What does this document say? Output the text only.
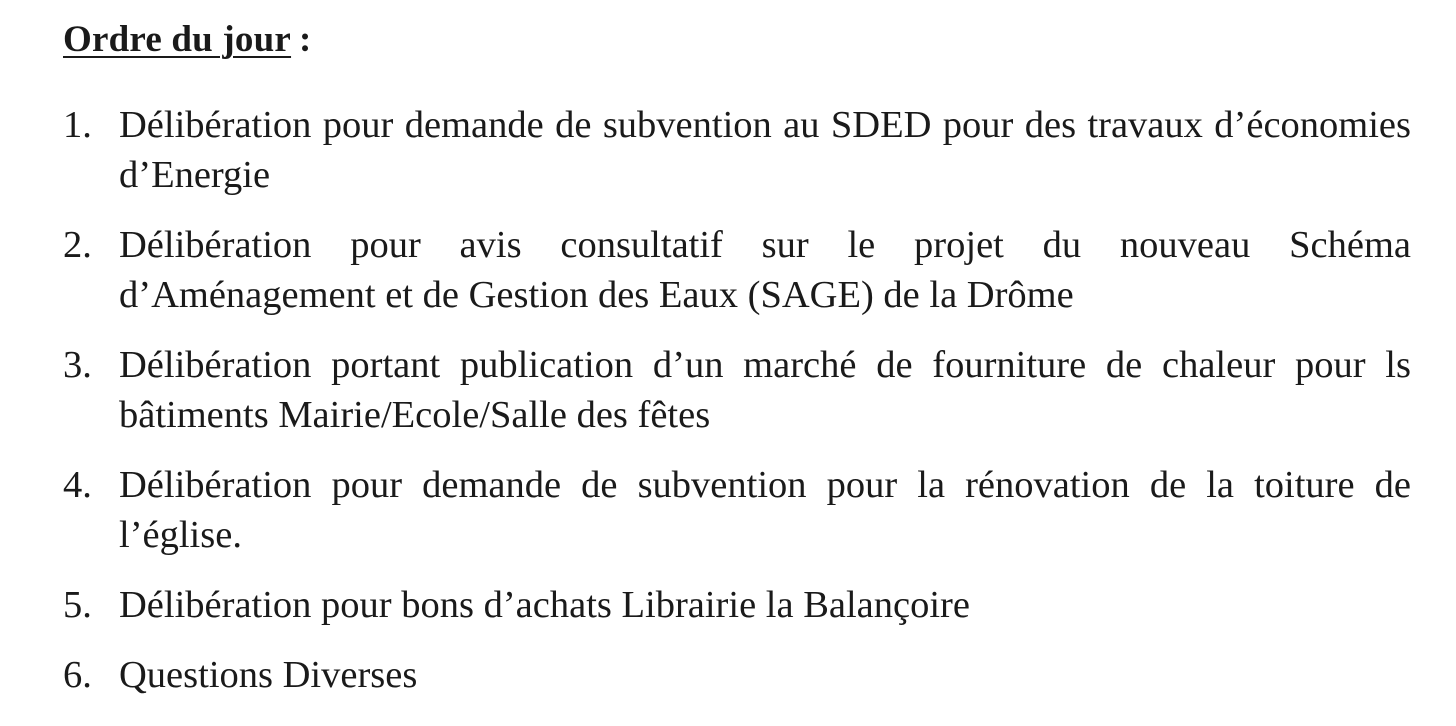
Ordre du jour :
1. Délibération pour demande de subvention au SDED pour des travaux d’économies d’Energie
2. Délibération pour avis consultatif sur le projet du nouveau Schéma d’Aménagement et de Gestion des Eaux (SAGE) de la Drôme
3. Délibération portant publication d’un marché de fourniture de chaleur pour ls bâtiments Mairie/Ecole/Salle des fêtes
4. Délibération pour demande de subvention pour la rénovation de la toiture de l’église.
5. Délibération pour bons d’achats Librairie la Balançoire
6. Questions Diverses
